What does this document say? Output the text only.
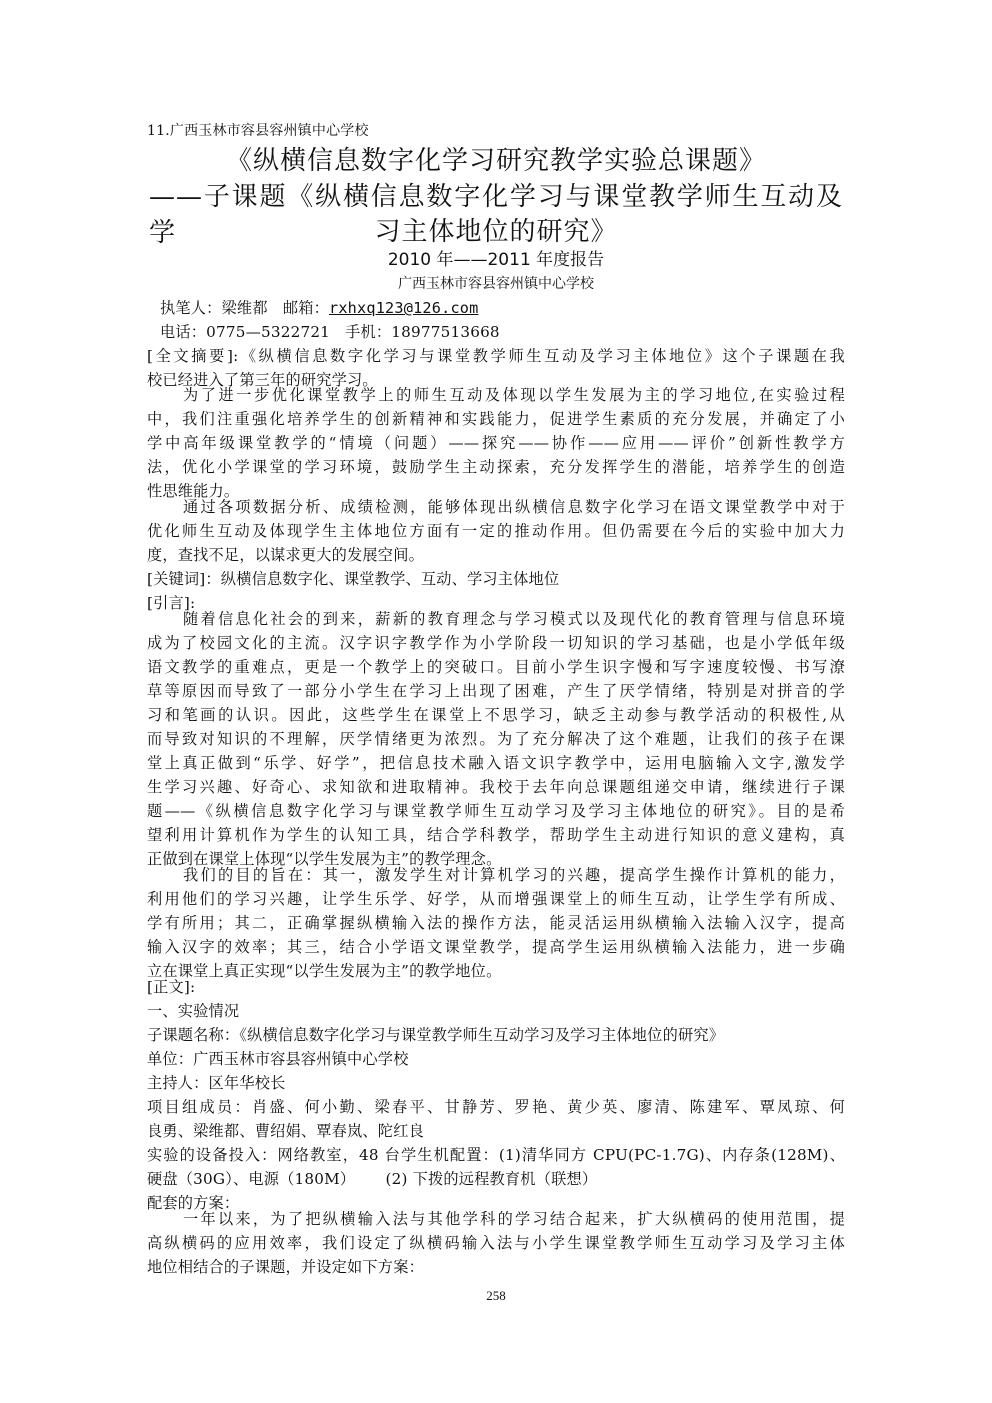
11.广西玉林市容县容州镇中心学校
《纵横信息数字化学习研究教学实验总课题》
——子课题《纵横信息数字化学习与课堂教学师生互动及学	习主体地位的研究》
2010 年——2011 年度报告
广西玉林市容县容州镇中心学校
执笔人：梁维都 邮箱：rxhxq123@126.com
电话：0775—5322721 手机：18977513668
[全文摘要]:《纵横信息数字化学习与课堂教学师生互动及学习主体地位》这个子课题在我
校已经进入了第三年的研究学习。
为了进一步优化课堂教学上的师生互动及体现以学生发展为主的学习地位,在实验过程
中，我们注重强化培养学生的创新精神和实践能力，促进学生素质的充分发展，并确定了小
学中高年级课堂教学的“情境（问题）——探究——协作——应用——评价”创新性教学方
法，优化小学课堂的学习环境，鼓励学生主动探索，充分发挥学生的潜能，培养学生的创造
性思维能力。
通过各项数据分析、成绩检测，能够体现出纵横信息数字化学习在语文课堂教学中对于
优化师生互动及体现学生主体地位方面有一定的推动作用。但仍需要在今后的实验中加大力
度，查找不足，以谋求更大的发展空间。
[关键词]：纵横信息数字化、课堂教学、互动、学习主体地位
[引言]:
随着信息化社会的到来，薪新的教育理念与学习模式以及现代化的教育管理与信息环境
成为了校园文化的主流。汉字识字教学作为小学阶段一切知识的学习基础，也是小学低年级
语文教学的重难点，更是一个教学上的突破口。目前小学生识字慢和写字速度较慢、书写潦
草等原因而导致了一部分小学生在学习上出现了困难，产生了厌学情绪，特别是对拼音的学
习和笔画的认识。因此，这些学生在课堂上不思学习，缺乏主动参与教学活动的积极性,从
而导致对知识的不理解，厌学情绪更为浓烈。为了充分解决了这个难题，让我们的孩子在课
堂上真正做到“乐学、好学”，把信息技术融入语文识字教学中，运用电脑输入文字,激发学
生学习兴趣、好奇心、求知欲和进取精神。我校于去年向总课题组递交申请，继续进行子课
题——《纵横信息数字化学习与课堂教学师生互动学习及学习主体地位的研究》。目的是希
望利用计算机作为学生的认知工具，结合学科教学，帮助学生主动进行知识的意义建构，真
正做到在课堂上体现“以学生发展为主”的教学理念。
我们的目的旨在：其一，激发学生对计算机学习的兴趣，提高学生操作计算机的能力，
利用他们的学习兴趣，让学生乐学、好学，从而增强课堂上的师生互动，让学生学有所成、
学有所用；其二，正确掌握纵横输入法的操作方法，能灵活运用纵横输入法输入汉字，提高
输入汉字的效率；其三，结合小学语文课堂教学，提高学生运用纵横输入法能力，进一步确
立在课堂上真正实现“以学生发展为主”的教学地位。
[正文]:
一、实验情况
子课题名称：《纵横信息数字化学习与课堂教学师生互动学习及学习主体地位的研究》
单位：广西玉林市容县容州镇中心学校
主持人：区年华校长
项目组成员：肖盛、何小勤、梁春平、甘静芳、罗艳、黄少英、廖清、陈建军、覃凤琼、何
良勇、梁维都、曹绍娟、覃春岚、陀红良
实验的设备投入：网络教室，48 台学生机配置：(1)清华同方 CPU(PC-1.7G)、内存条(128M)、
硬盘（30G）、电源（180M）      (2) 下拨的远程教育机（联想）
配套的方案：
一年以来，为了把纵横输入法与其他学科的学习结合起来，扩大纵横码的使用范围，提
高纵横码的应用效率，我们设定了纵横码输入法与小学生课堂教学师生互动学习及学习主体
地位相结合的子课题，并设定如下方案：
258
